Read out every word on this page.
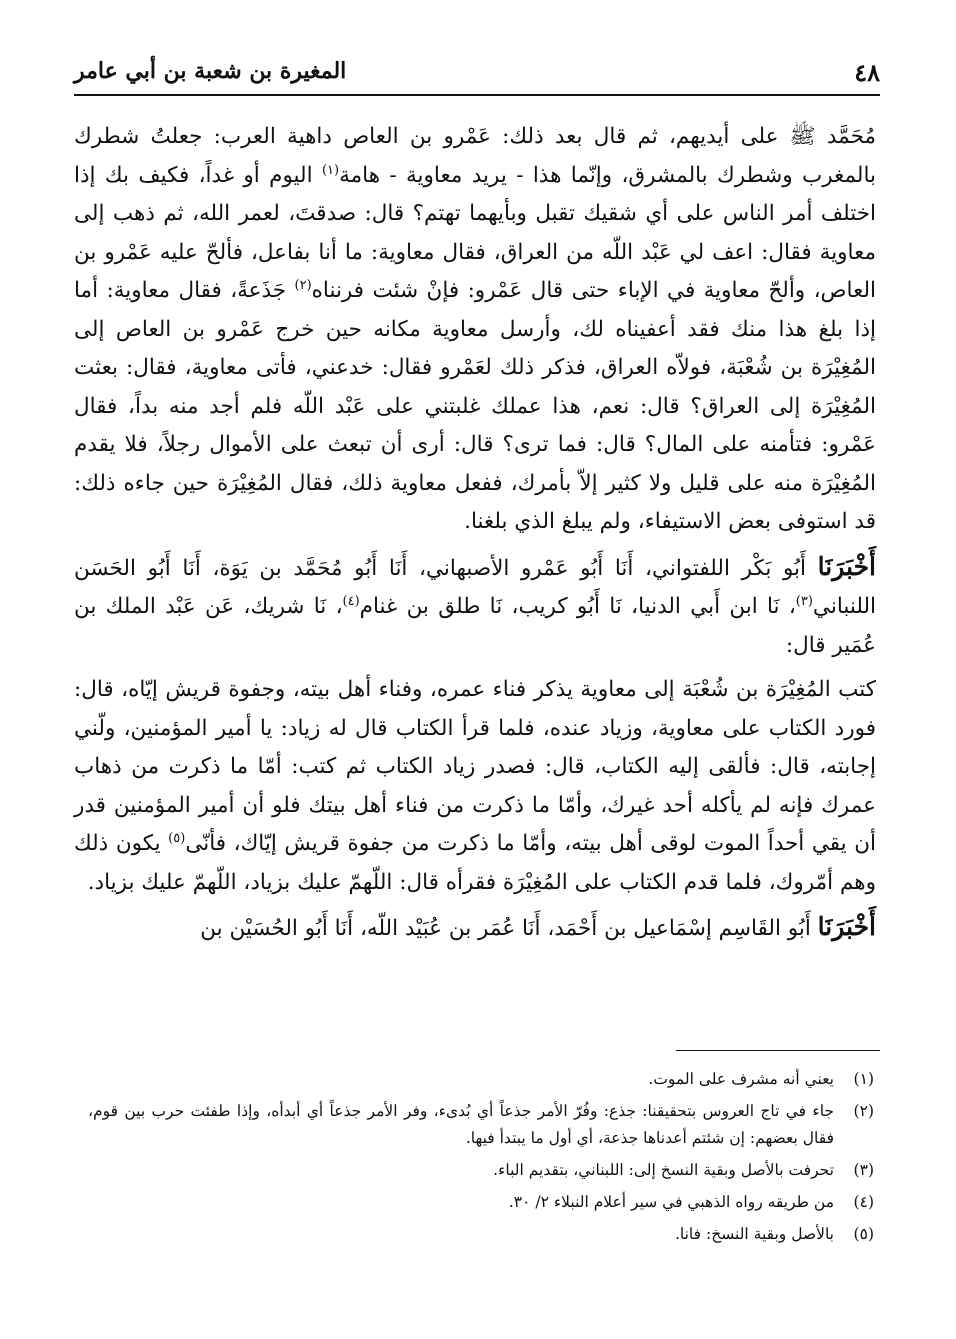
٤٨
المغيرة بن شعبة بن أبي عامر

مُحَمَّد ﷺ على أيديهم، ثم قال بعد ذلك: عَمْرو بن العاص داهية العرب: جعلتُ شطرك بالمغرب وشطرك بالمشرق، وإنّما هذا - يريد معاوية - هامة$^{(١)}$ اليوم أو غداً، فكيف بك إذا اختلف أمر الناس على أي شقيك تقبل وبأيهما تهتم؟ قال: صدقتَ، لعمر الله، ثم ذهب إلى معاوية فقال: اعف لي عَبْد اللّه من العراق، فقال معاوية: ما أنا بفاعل، فألحّ عليه عَمْرو بن العاص، وألحّ معاوية في الإباء حتى قال عَمْرو: فإنْ شئت فرنناه$^{(٢)}$ جَذَعةً، فقال معاوية: أما إذا بلغ هذا منك فقد أعفيناه لك، وأرسل معاوية مكانه حين خرج عَمْرو بن العاص إلى المُغِيْرَة بن شُعْبَة، فولاّه العراق، فذكر ذلك لعَمْرو فقال: خدعني، فأتى معاوية، فقال: بعثت المُغِيْرَة إلى العراق؟ قال: نعم، هذا عملك غلبتني على عَبْد اللّه فلم أجد منه بداً، فقال عَمْرو: فتأمنه على المال؟ قال: فما ترى؟ قال: أرى أن تبعث على الأموال رجلاً، فلا يقدم المُغِيْرَة منه على قليل ولا كثير إلاّ بأمرك، ففعل معاوية ذلك، فقال المُغِيْرَة حين جاءه ذلك: قد استوفى بعض الاستيفاء، ولم يبلغ الذي بلغنا.

أَخْبَرَنَا أَبُو بَكْر اللفتواني، أَنَا أَبُو عَمْرو الأصبهاني، أَنَا أَبُو مُحَمَّد بن يَوَة، أَنَا أَبُو الحَسَن اللنباني$^{(٣)}$، نَا ابن أَبي الدنيا، نَا أَبُو كريب، نَا طلق بن غنام$^{(٤)}$، نَا شريك، عَن عَبْد الملك بن عُمَير قال:

كتب المُغِيْرَة بن شُعْبَة إلى معاوية يذكر فناء عمره، وفناء أهل بيته، وجفوة قريش إيّاه، قال: فورد الكتاب على معاوية، وزياد عنده، فلما قرأ الكتاب قال له زياد: يا أمير المؤمنين، ولّني إجابته، قال: فألقى إليه الكتاب، قال: فصدر زياد الكتاب ثم كتب: أمّا ما ذكرت من ذهاب عمرك فإنه لم يأكله أحد غيرك، وأمّا ما ذكرت من فناء أهل بيتك فلو أن أمير المؤمنين قدر أن يقي أحداً الموت لوقى أهل بيته، وأمّا ما ذكرت من جفوة قريش إيّاك، فأنّى$^{(٥)}$ يكون ذلك وهم أمّروك، فلما قدم الكتاب على المُغِيْرَة فقرأه قال: اللّهمّ عليك بزياد، اللّهمّ عليك بزياد.

أَخْبَرَنَا أَبُو القَاسِم إسْمَاعيل بن أَحْمَد، أَنَا عُمَر بن عُبَيْد اللّه، أَنَا أَبُو الحُسَيْن بن

(١)
يعني أنه مشرف على الموت.

(٢)
جاء في تاج العروس بتحقيقنا: جذع: وفُرّ الأمر جذعاً أي بُدىء، وفر الأمر جذعاً أي أبدأه، وإذا طفئت حرب بين قوم، فقال بعضهم: إن شئتم أعدناها جذعة، أي أول ما يبتدأ فيها.

(٣)
تحرفت بالأصل وبقية النسخ إلى: اللبناني، بتقديم الباء.

(٤)
من طريقه رواه الذهبي في سير أعلام النبلاء ٢/ ٣٠.

(٥)
بالأصل وبقية النسخ: فانا.
